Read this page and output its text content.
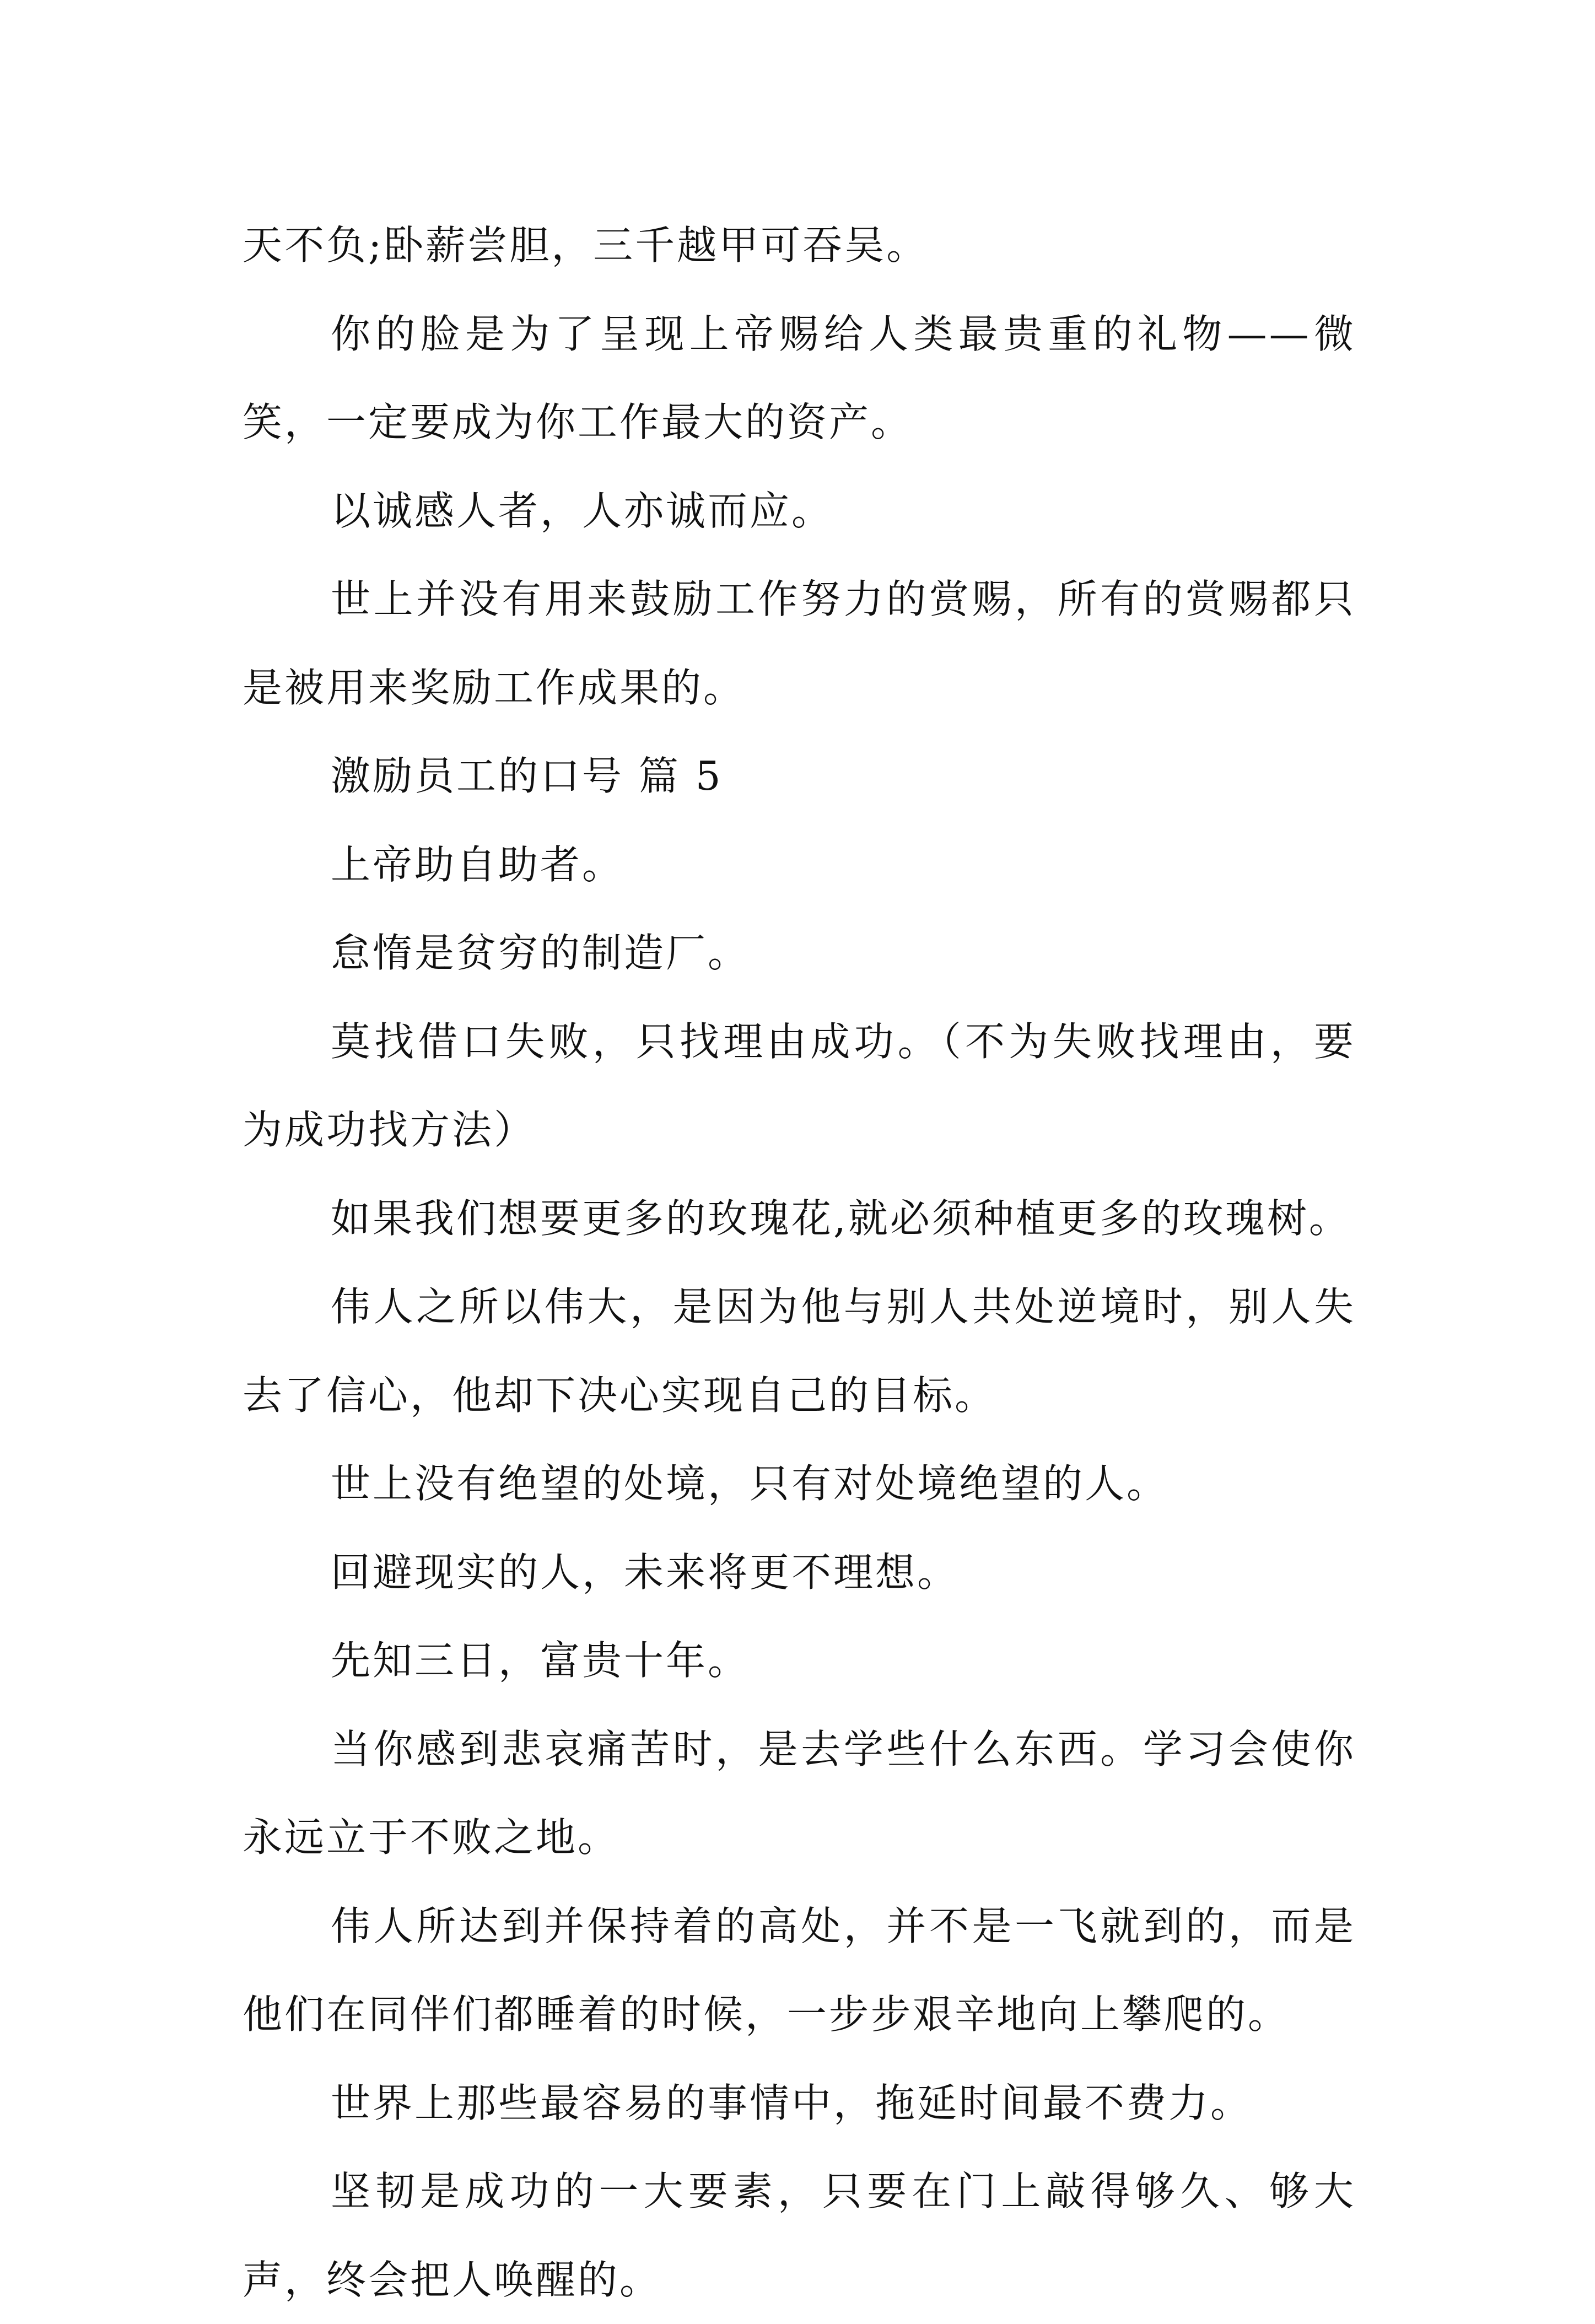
天不负;卧薪尝胆，三千越甲可吞吴。

你的脸是为了呈现上帝赐给人类最贵重的礼物——微笑，一定要成为你工作最大的资产。

以诚感人者，人亦诚而应。

世上并没有用来鼓励工作努力的赏赐，所有的赏赐都只是被用来奖励工作成果的。

激励员工的口号 篇 5

上帝助自助者。

怠惰是贫穷的制造厂。

莫找借口失败，只找理由成功。（不为失败找理由，要为成功找方法）

如果我们想要更多的玫瑰花,就必须种植更多的玫瑰树。

伟人之所以伟大，是因为他与别人共处逆境时，别人失去了信心，他却下决心实现自己的目标。

世上没有绝望的处境，只有对处境绝望的人。

回避现实的人，未来将更不理想。

先知三日，富贵十年。

当你感到悲哀痛苦时，是去学些什么东西。学习会使你永远立于不败之地。

伟人所达到并保持着的高处，并不是一飞就到的，而是他们在同伴们都睡着的时候，一步步艰辛地向上攀爬的。

世界上那些最容易的事情中，拖延时间最不费力。

坚韧是成功的一大要素，只要在门上敲得够久、够大声，终会把人唤醒的。
